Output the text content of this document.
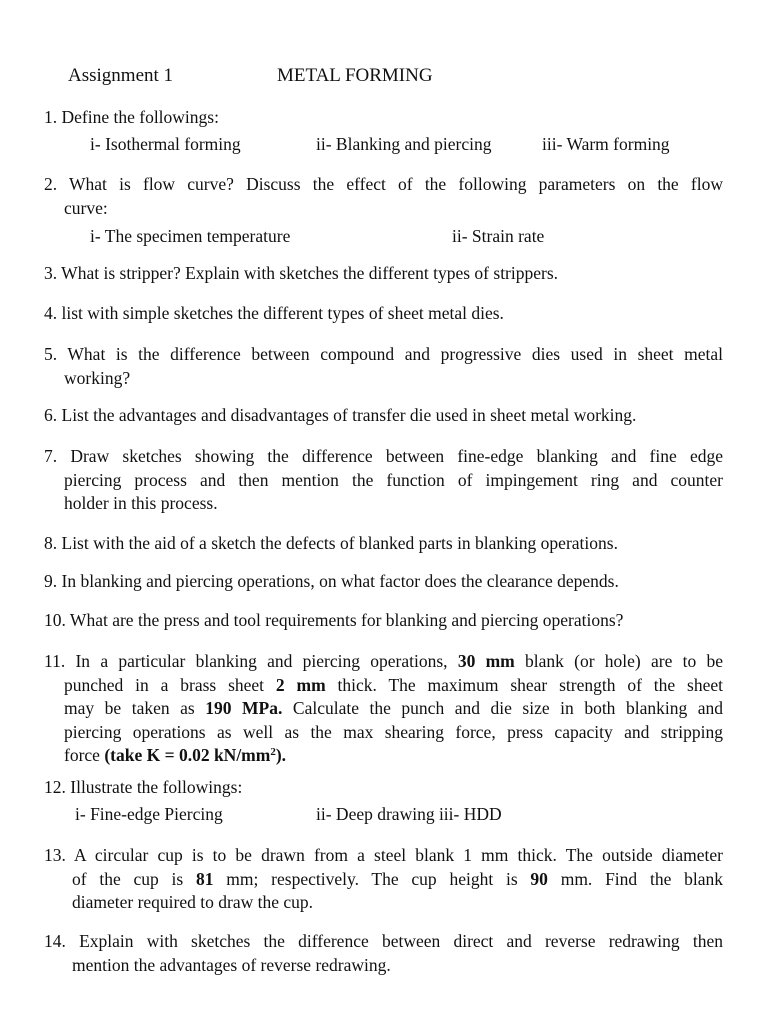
Assignment 1	METAL FORMING
1. Define the followings:
i- Isothermal forming	ii- Blanking and piercing	iii- Warm forming
2. What is flow curve? Discuss the effect of the following parameters on the flow
curve:
i- The specimen temperature	ii- Strain rate
3. What is stripper? Explain with sketches the different types of strippers.
4. list with simple sketches the different types of sheet metal dies.
5. What is the difference between compound and progressive dies used in sheet metal
working?
6. List the advantages and disadvantages of transfer die used in sheet metal working.
7. Draw sketches showing the difference between fine-edge blanking and fine edge
piercing process and then mention the function of impingement ring and counter
holder in this process.
8. List with the aid of a sketch the defects of blanked parts in blanking operations.
9. In blanking and piercing operations, on what factor does the clearance depends.
10. What are the press and tool requirements for blanking and piercing operations?
11. In a particular blanking and piercing operations, 30 mm blank (or hole) are to be
punched in a brass sheet 2 mm thick. The maximum shear strength of the sheet
may be taken as 190 MPa. Calculate the punch and die size in both blanking and
piercing operations as well as the max shearing force, press capacity and stripping
force (take K = 0.02 $kN/mm^2$).
12. Illustrate the followings:
i- Fine-edge Piercing	ii- Deep drawing iii- HDD
13. A circular cup is to be drawn from a steel blank 1 mm thick. The outside diameter
of the cup is 81 mm; respectively. The cup height is 90 mm. Find the blank
diameter required to draw the cup.
14. Explain with sketches the difference between direct and reverse redrawing then
mention the advantages of reverse redrawing.
